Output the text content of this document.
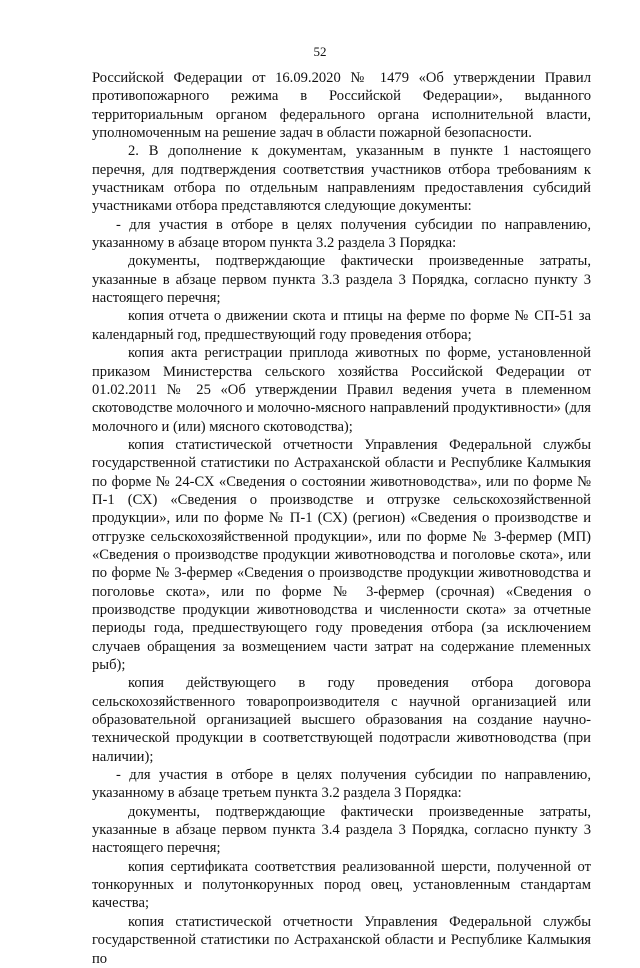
52

Российской Федерации от 16.09.2020 № 1479 «Об утверждении Правил противопожарного режима в Российской Федерации», выданного территориальным органом федерального органа исполнительной власти, уполномоченным на решение задач в области пожарной безопасности.

2. В дополнение к документам, указанным в пункте 1 настоящего перечня, для подтверждения соответствия участников отбора требованиям к участникам отбора по отдельным направлениям предоставления субсидий участниками отбора представляются следующие документы:

- для участия в отборе в целях получения субсидии по направлению, указанному в абзаце втором пункта 3.2 раздела 3 Порядка:

документы, подтверждающие фактически произведенные затраты, указанные в абзаце первом пункта 3.3 раздела 3 Порядка, согласно пункту 3 настоящего перечня;

копия отчета о движении скота и птицы на ферме по форме № СП-51 за календарный год, предшествующий году проведения отбора;

копия акта регистрации приплода животных по форме, установленной приказом Министерства сельского хозяйства Российской Федерации от 01.02.2011 № 25 «Об утверждении Правил ведения учета в племенном скотоводстве молочного и молочно-мясного направлений продуктивности» (для молочного и (или) мясного скотоводства);

копия статистической отчетности Управления Федеральной службы государственной статистики по Астраханской области и Республике Калмыкия по форме № 24-СХ «Сведения о состоянии животноводства», или по форме № П-1 (СХ) «Сведения о производстве и отгрузке сельскохозяйственной продукции», или по форме № П-1 (СХ) (регион) «Сведения о производстве и отгрузке сельскохозяйственной продукции», или по форме № 3-фермер (МП) «Сведения о производстве продукции животноводства и поголовье скота», или по форме № 3-фермер «Сведения о производстве продукции животноводства и поголовье скота», или по форме № 3-фермер (срочная) «Сведения о производстве продукции животноводства и численности скота» за отчетные периоды года, предшествующего году проведения отбора (за исключением случаев обращения за возмещением части затрат на содержание племенных рыб);

копия действующего в году проведения отбора договора сельскохозяйственного товаропроизводителя с научной организацией или образовательной организацией высшего образования на создание научно-технической продукции в соответствующей подотрасли животноводства (при наличии);

- для участия в отборе в целях получения субсидии по направлению, указанному в абзаце третьем пункта 3.2 раздела 3 Порядка:

документы, подтверждающие фактически произведенные затраты, указанные в абзаце первом пункта 3.4 раздела 3 Порядка, согласно пункту 3 настоящего перечня;

копия сертификата соответствия реализованной шерсти, полученной от тонкорунных и полутонкорунных пород овец, установленным стандартам качества;

копия статистической отчетности Управления Федеральной службы государственной статистики по Астраханской области и Республике Калмыкия по
